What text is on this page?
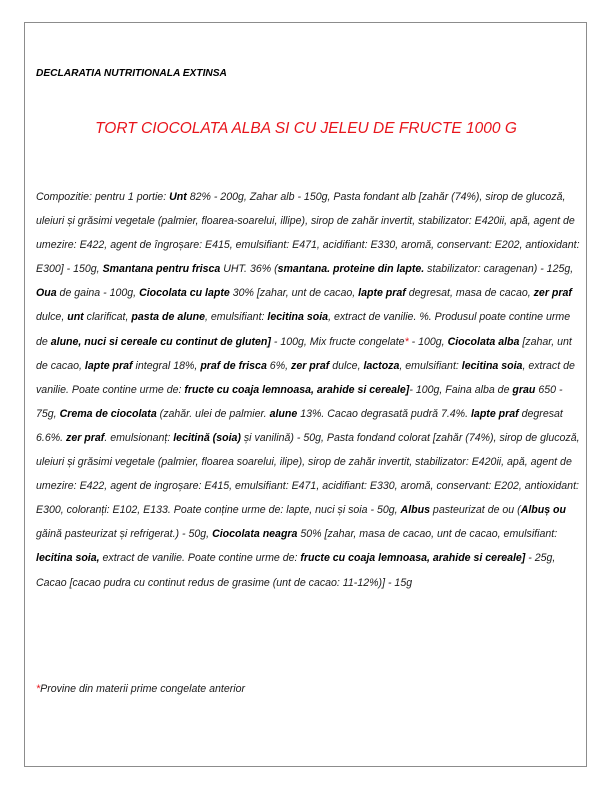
DECLARATIA NUTRITIONALA EXTINSA

TORT CIOCOLATA ALBA SI CU JELEU DE FRUCTE 1000 G

Compozitie: pentru 1 portie: Unt 82% - 200g, Zahar alb - 150g, Pasta fondant alb [zahăr (74%), sirop de glucoză, uleiuri și grăsimi vegetale (palmier, floarea-soarelui, illipe), sirop de zahăr invertit, stabilizator: E420ii, apă, agent de umezire: E422, agent de îngroșare: E415, emulsifiant: E471, acidifiant: E330, aromă, conservant: E202, antioxidant: E300] - 150g, Smantana pentru frisca UHT. 36% (smantana. proteine din lapte. stabilizator: caragenan) - 125g, Oua de gaina - 100g, Ciocolata cu lapte 30% [zahar, unt de cacao, lapte praf degresat, masa de cacao, zer praf dulce, unt clarificat, pasta de alune, emulsifiant: lecitina soia, extract de vanilie. %. Produsul poate contine urme de alune, nuci si cereale cu continut de gluten] - 100g, Mix fructe congelate* - 100g, Ciocolata alba [zahar, unt de cacao, lapte praf integral 18%, praf de frisca 6%, zer praf dulce, lactoza, emulsifiant: lecitina soia, extract de vanilie. Poate contine urme de: fructe cu coaja lemnoasa, arahide si cereale]- 100g, Faina alba de grau 650 - 75g, Crema de ciocolata (zahăr. ulei de palmier. alune 13%. Cacao degrasată pudră 7.4%. lapte praf degresat 6.6%. zer praf. emulsionanț: lecitină (soia) și vanilină) - 50g, Pasta fondand colorat [zahăr (74%), sirop de glucoză, uleiuri și grăsimi vegetale (palmier, floarea soarelui, ilipe), sirop de zahăr invertit, stabilizator: E420ii, apă, agent de umezire: E422, agent de ingroșare: E415, emulsifiant: E471, acidifiant: E330, aromă, conservant: E202, antioxidant: E300, coloranți: E102, E133. Poate conține urme de: lapte, nuci și soia - 50g, Albus pasteurizat de ou (Albuș ou găină pasteurizat și refrigerat.) - 50g, Ciocolata neagra 50% [zahar, masa de cacao, unt de cacao, emulsifiant: lecitina soia, extract de vanilie. Poate contine urme de: fructe cu coaja lemnoasa, arahide si cereale] - 25g, Cacao [cacao pudra cu continut redus de grasime (unt de cacao: 11-12%)] - 15g

*Provine din materii prime congelate anterior
